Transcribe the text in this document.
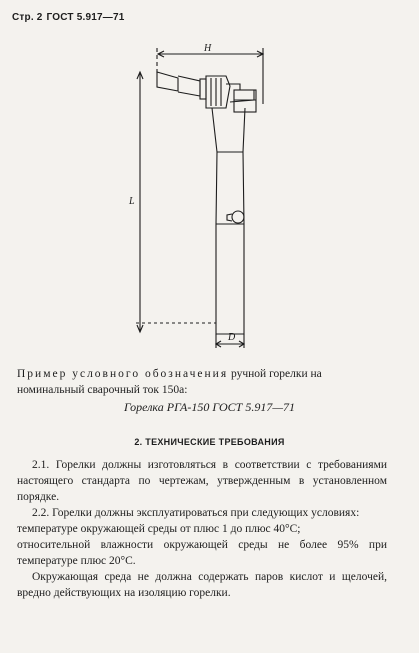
Стр. 2 ГОСТ 5.917—71
H
L
D
Пример условного обозначения ручной горелки на
номинальный сварочный ток 150а:
Горелка РГА-150 ГОСТ 5.917—71
2. ТЕХНИЧЕСКИЕ ТРЕБОВАНИЯ

2.1. Горелки должны изготовляться в соответствии с требованиями настоящего стандарта по чертежам, утвержденным в установленном порядке.

2.2. Горелки должны эксплуатироваться при следующих условиях:

температуре окружающей среды от плюс 1 до плюс 40°C;

относительной влажности окружающей среды не более 95% при температуре плюс 20°C.

Окружающая среда не должна содержать паров кислот и щелочей, вредно действующих на изоляцию горелки.
